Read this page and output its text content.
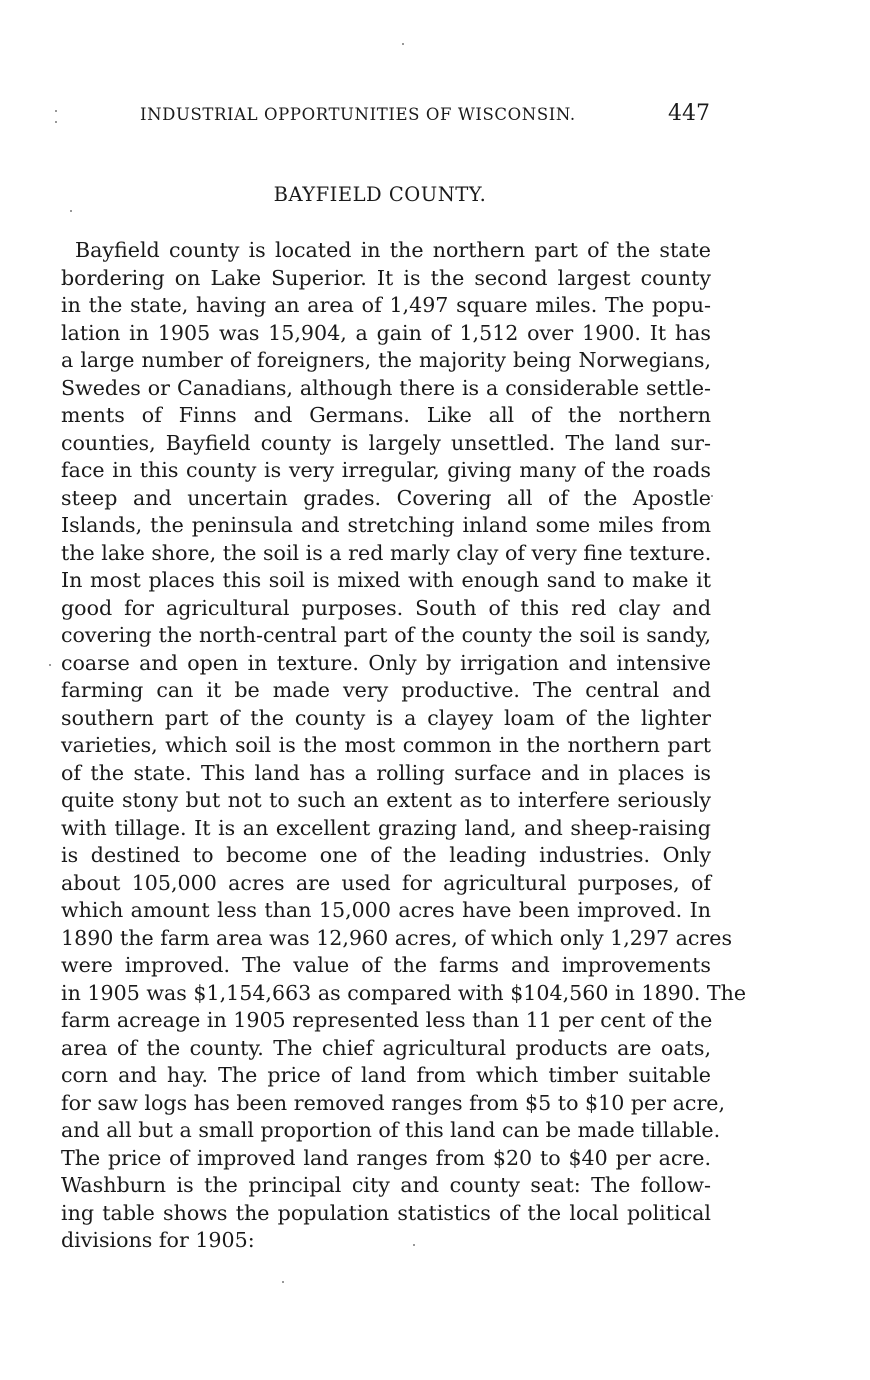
INDUSTRIAL OPPORTUNITIES OF WISCONSIN.	447
BAYFIELD COUNTY.
Bayfield county is located in the northern part of the state
bordering on Lake Superior. It is the second largest county
in the state, having an area of 1,497 square miles. The popu-
lation in 1905 was 15,904, a gain of 1,512 over 1900. It has
a large number of foreigners, the majority being Norwegians,
Swedes or Canadians, although there is a considerable settle-
ments of Finns and Germans. Like all of the northern
counties, Bayfield county is largely unsettled. The land sur-
face in this county is very irregular, giving many of the roads
steep and uncertain grades. Covering all of the Apostle
Islands, the peninsula and stretching inland some miles from
the lake shore, the soil is a red marly clay of very fine texture.
In most places this soil is mixed with enough sand to make it
good for agricultural purposes. South of this red clay and
covering the north-central part of the county the soil is sandy,
coarse and open in texture. Only by irrigation and intensive
farming can it be made very productive. The central and
southern part of the county is a clayey loam of the lighter
varieties, which soil is the most common in the northern part
of the state. This land has a rolling surface and in places is
quite stony but not to such an extent as to interfere seriously
with tillage. It is an excellent grazing land, and sheep-raising
is destined to become one of the leading industries. Only
about 105,000 acres are used for agricultural purposes, of
which amount less than 15,000 acres have been improved. In
1890 the farm area was 12,960 acres, of which only 1,297 acres
were improved. The value of the farms and improvements
in 1905 was $1,154,663 as compared with $104,560 in 1890. The
farm acreage in 1905 represented less than 11 per cent of the
area of the county. The chief agricultural products are oats,
corn and hay. The price of land from which timber suitable
for saw logs has been removed ranges from $5 to $10 per acre,
and all but a small proportion of this land can be made tillable.
The price of improved land ranges from $20 to $40 per acre.
Washburn is the principal city and county seat: The follow-
ing table shows the population statistics of the local political
divisions for 1905:
